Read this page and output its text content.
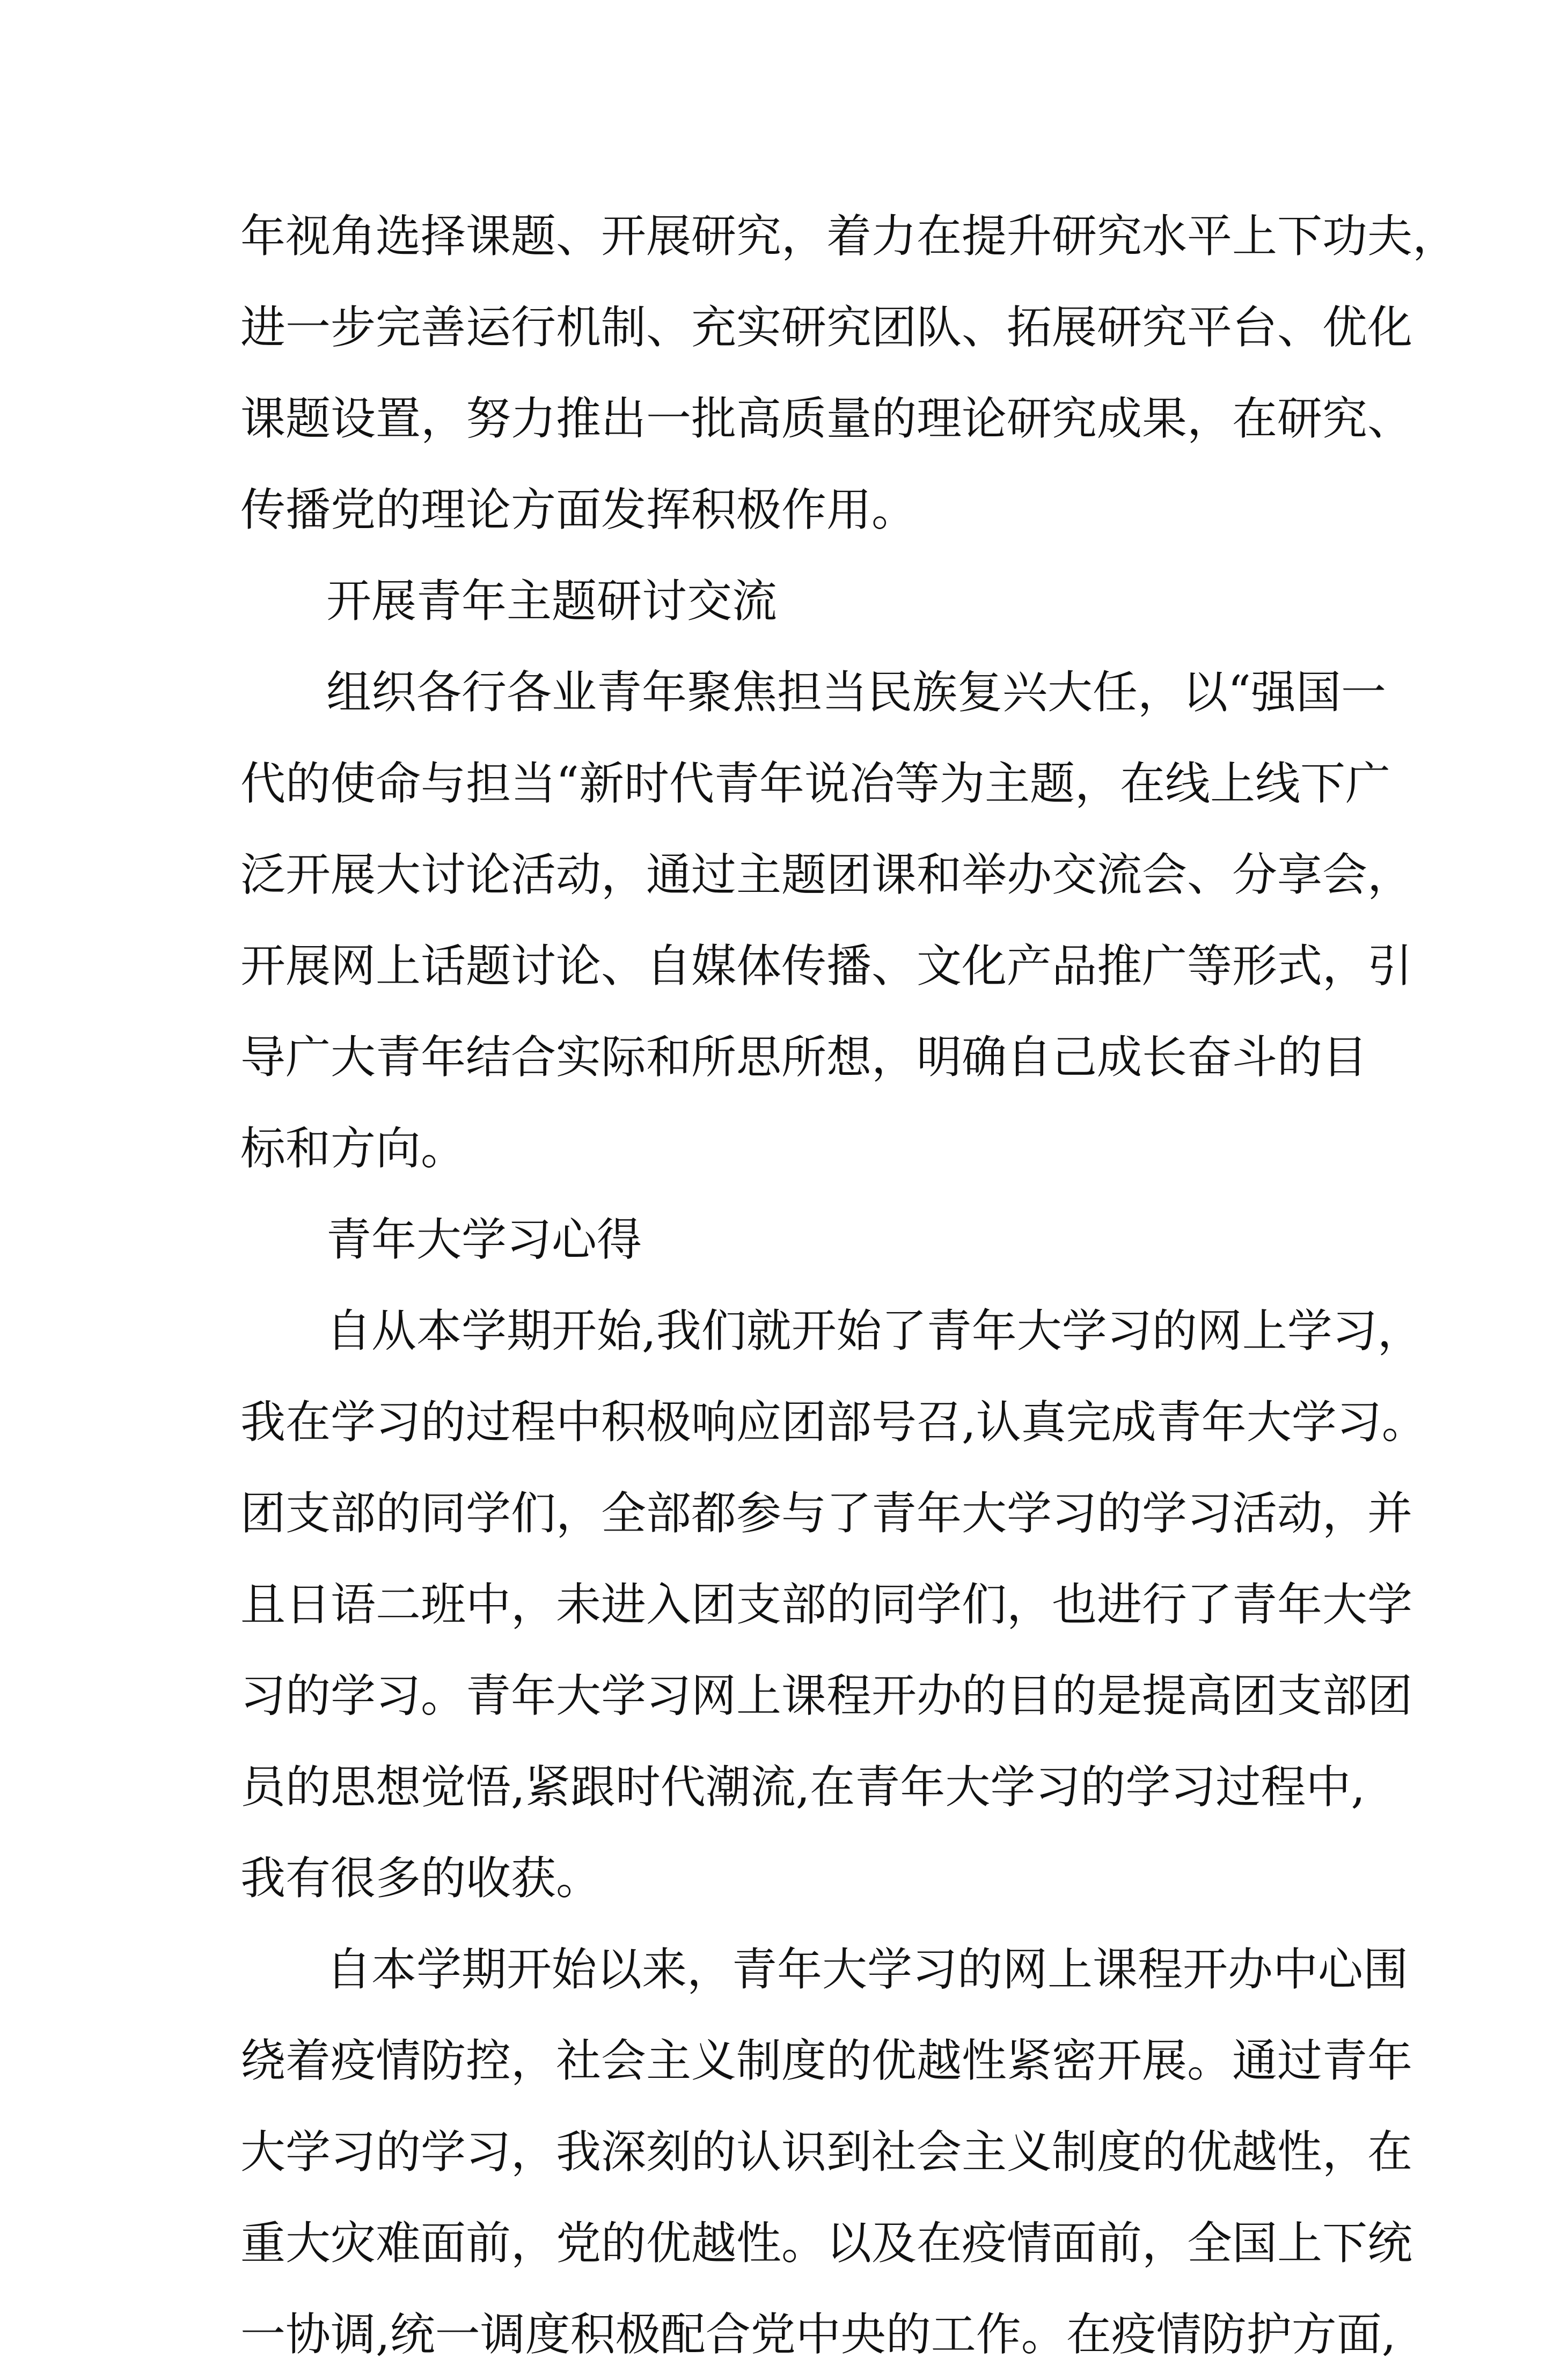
年视角选择课题、开展研究，着力在提升研究水平上下功夫，
进一步完善运行机制、充实研究团队、拓展研究平台、优化
课题设置，努力推出一批高质量的理论研究成果，在研究、
传播党的理论方面发挥积极作用。
开展青年主题研讨交流
组织各行各业青年聚焦担当民族复兴大任，以“强国一
代的使命与担当“新时代青年说冶等为主题，在线上线下广
泛开展大讨论活动，通过主题团课和举办交流会、分享会，
开展网上话题讨论、自媒体传播、文化产品推广等形式，引
导广大青年结合实际和所思所想，明确自己成长奋斗的目
标和方向。
青年大学习心得
自从本学期开始,我们就开始了青年大学习的网上学习，
我在学习的过程中积极响应团部号召,认真完成青年大学习。
团支部的同学们，全部都参与了青年大学习的学习活动，并
且日语二班中，未进入团支部的同学们，也进行了青年大学
习的学习。青年大学习网上课程开办的目的是提高团支部团
员的思想觉悟,紧跟时代潮流,在青年大学习的学习过程中,
我有很多的收获。
自本学期开始以来，青年大学习的网上课程开办中心围
绕着疫情防控，社会主义制度的优越性紧密开展。通过青年
大学习的学习，我深刻的认识到社会主义制度的优越性，在
重大灾难面前，党的优越性。以及在疫情面前，全国上下统
一协调,统一调度积极配合党中央的工作。在疫情防护方面,
